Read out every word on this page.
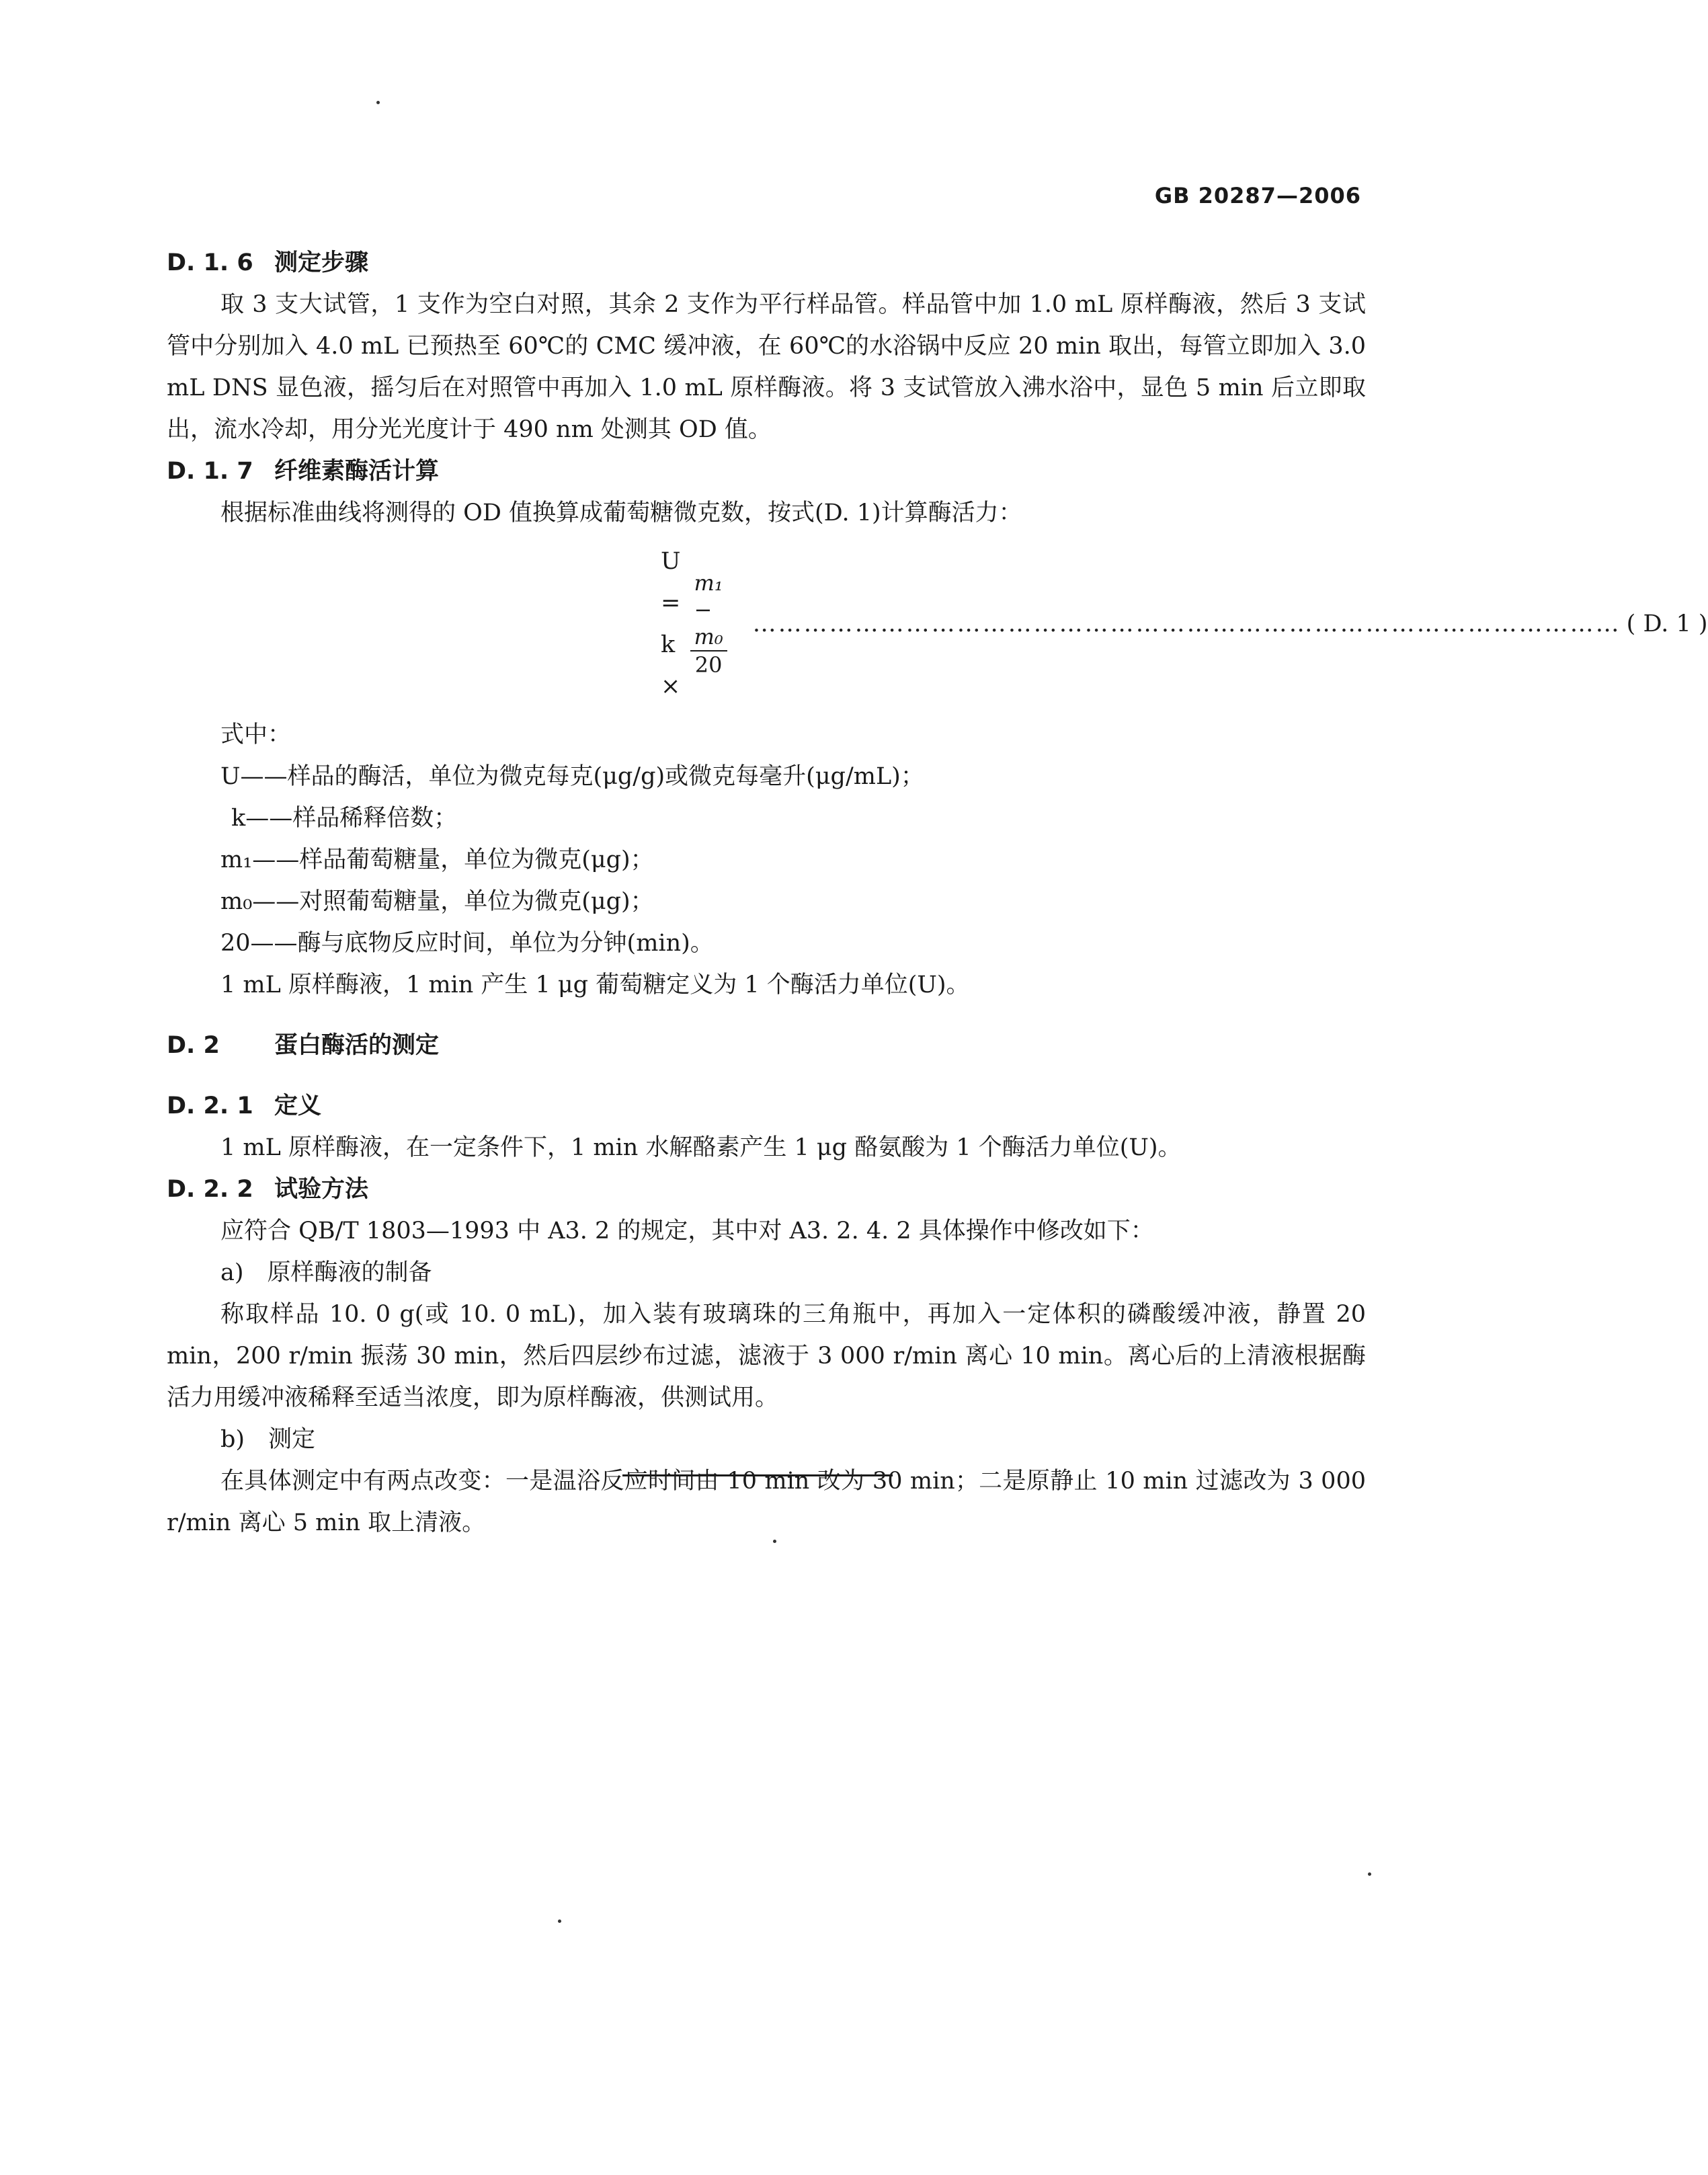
GB 20287—2006

D. 1. 6 测定步骤

取 3 支大试管，1 支作为空白对照，其余 2 支作为平行样品管。样品管中加 1.0 mL 原样酶液，然后 3 支试管中分别加入 4.0 mL 已预热至 60℃的 CMC 缓冲液，在 60℃的水浴锅中反应 20 min 取出，每管立即加入 3.0 mL DNS 显色液，摇匀后在对照管中再加入 1.0 mL 原样酶液。将 3 支试管放入沸水浴中，显色 5 min 后立即取出，流水冷却，用分光光度计于 490 nm 处测其 OD 值。

D. 1. 7 纤维素酶活计算

根据标准曲线将测得的 OD 值换算成葡萄糖微克数，按式(D. 1)计算酶活力：

U = k ×
$\frac{\text{m₁ − m₀}}{20}$ ………………………………………………………………………………………… ( D. 1 )

式中：

U——样品的酶活，单位为微克每克(μg/g)或微克每毫升(μg/mL)；

k——样品稀释倍数；

m₁——样品葡萄糖量，单位为微克(μg)；

m₀——对照葡萄糖量，单位为微克(μg)；

20——酶与底物反应时间，单位为分钟(min)。

1 mL 原样酶液，1 min 产生 1 μg 葡萄糖定义为 1 个酶活力单位(U)。

D. 2 蛋白酶活的测定

D. 2. 1 定义

1 mL 原样酶液，在一定条件下，1 min 水解酪素产生 1 μg 酪氨酸为 1 个酶活力单位(U)。

D. 2. 2 试验方法

应符合 QB/T 1803—1993 中 A3. 2 的规定，其中对 A3. 2. 4. 2 具体操作中修改如下：

a)　原样酶液的制备

称取样品 10. 0 g(或 10. 0 mL)，加入装有玻璃珠的三角瓶中，再加入一定体积的磷酸缓冲液，静置 20 min，200 r/min 振荡 30 min，然后四层纱布过滤，滤液于 3 000 r/min 离心 10 min。离心后的上清液根据酶活力用缓冲液稀释至适当浓度，即为原样酶液，供测试用。

b)　测定

在具体测定中有两点改变：一是温浴反应时间由 10 min 改为 30 min；二是原静止 10 min 过滤改为 3 000 r/min 离心 5 min 取上清液。
